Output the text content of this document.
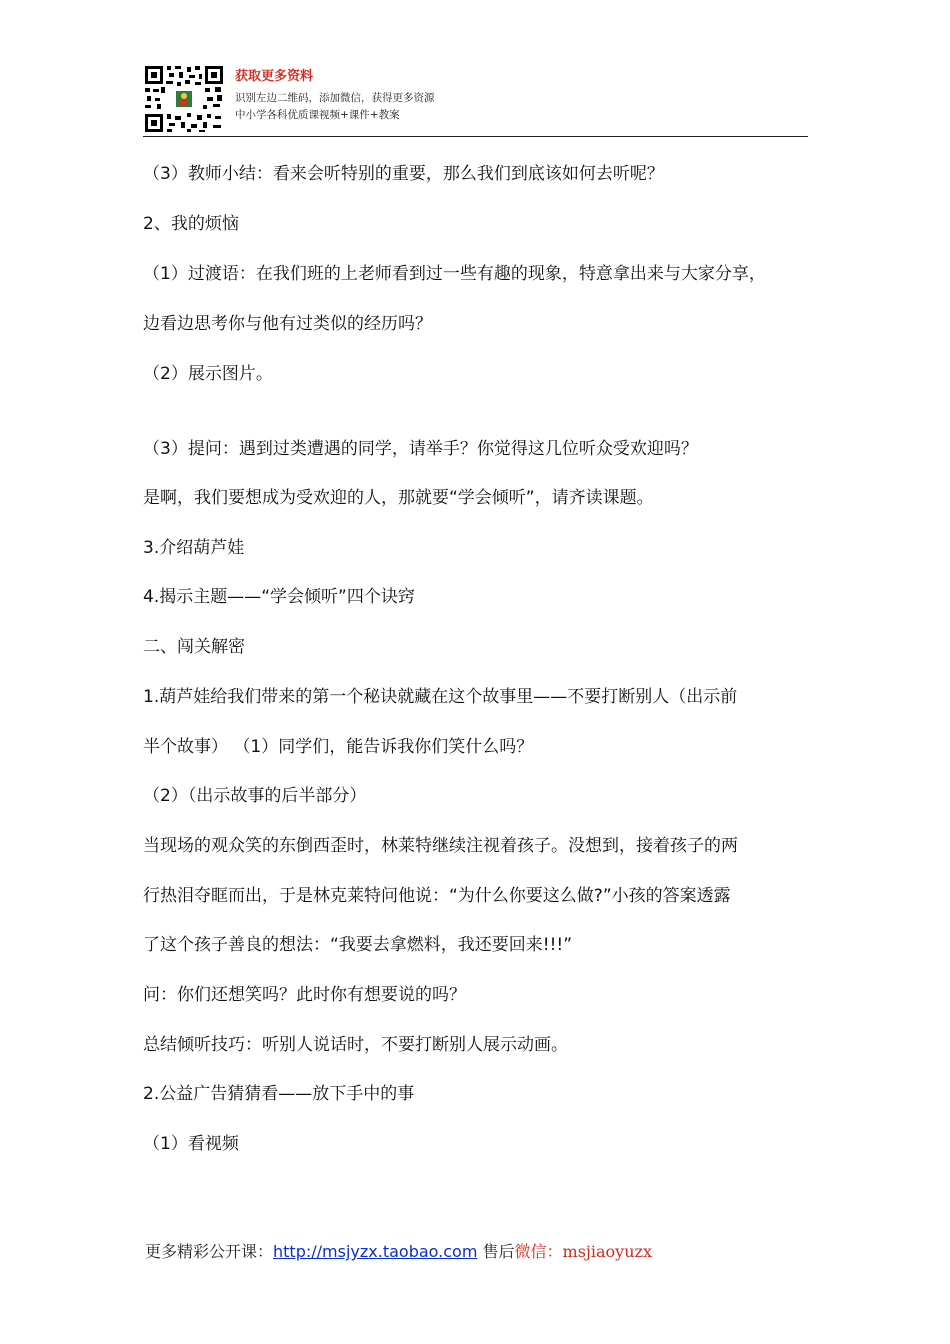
获取更多资料
识别左边二维码，添加微信，获得更多资源
中小学各科优质课视频+课件+教案
（3）教师小结：看来会听特别的重要，那么我们到底该如何去听呢？
2、我的烦恼
（1）过渡语：在我们班的上老师看到过一些有趣的现象，特意拿出来与大家分享，
边看边思考你与他有过类似的经历吗？
（2）展示图片。
（3）提问：遇到过类遭遇的同学，请举手？你觉得这几位听众受欢迎吗？
是啊，我们要想成为受欢迎的人，那就要“学会倾听”，请齐读课题。
3.介绍葫芦娃
4.揭示主题——“学会倾听”四个诀窍
二、闯关解密
1.葫芦娃给我们带来的第一个秘诀就藏在这个故事里——不要打断别人（出示前
半个故事） （1）同学们，能告诉我你们笑什么吗？
（2）（出示故事的后半部分）
当现场的观众笑的东倒西歪时，林莱特继续注视着孩子。没想到，接着孩子的两
行热泪夺眶而出，于是林克莱特问他说：“为什么你要这么做?”小孩的答案透露
了这个孩子善良的想法：“我要去拿燃料，我还要回来!!!”
问：你们还想笑吗？此时你有想要说的吗？
总结倾听技巧：听别人说话时，不要打断别人展示动画。
2.公益广告猜猜看——放下手中的事
（1）看视频
更多精彩公开课：http://msjyzx.taobao.com 售后微信：msjiaoyuzx
